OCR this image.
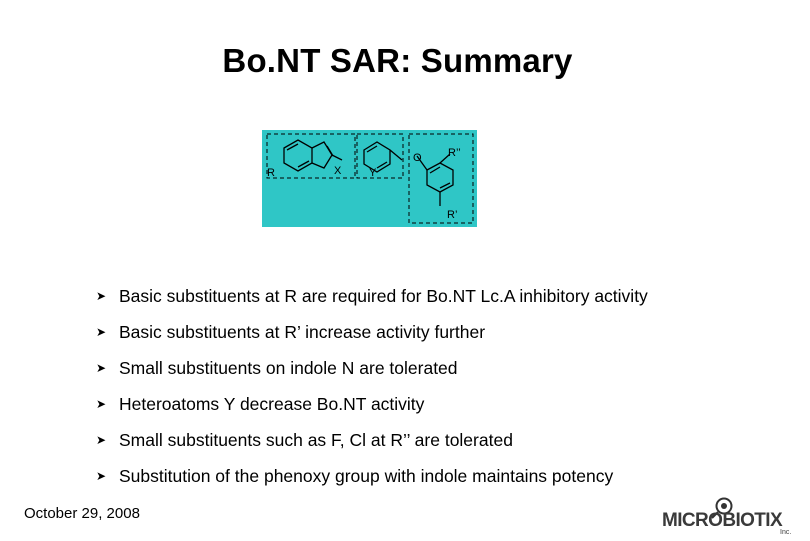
Bo.NT SAR: Summary
R	X	Y
O R’’
R’
➤ Basic substituents at R are required for Bo.NT Lc.A inhibitory activity
➤ Basic substituents at R’ increase activity further
➤ Small substituents on indole N are tolerated
➤ Heteroatoms Y decrease Bo.NT activity
➤ Small substituents such as F, Cl at R’’ are tolerated
➤ Substitution of the phenoxy group with indole maintains potency
October 29, 2008	MICROBIOTIX
Inc.
